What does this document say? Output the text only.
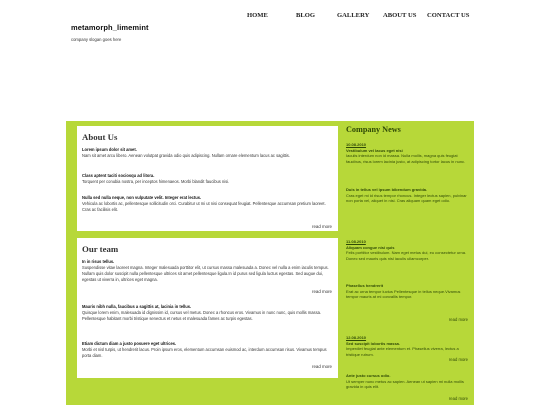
metamorph_limemint
company slogan goes here
HOME	BLOG	GALLERY ABOUT US CONTACT US
About Us
Lorem ipsum dolor sit amet.
Nam sit amet arcu libero. Aenean volutpat gravida odio quis adipiscing. Nullam ornare elementum lacus ac sagittis.
Class aptent taciti sociosqu ad litora.
Torquent per conubia nostra, per inceptos himenaeos. Morbi blandit faucibus nisi.
Nulla sed nulla neque, non vulputate velit. Integer erat lectus.
Vehicula ac lobortis ac, pellentesque sollicitudin orci. Curabitur ut mi ut nisi consequat feugiat. Pellentesque accumsan pretium laoreet. Cras ac facilisis elit.
read more
Our team
In in risus tellus.
Suspendisse vitae laoreet magna. Integer malesuada porttitor elit, ut cursus massa malesuada a. Donec vel nulla a enim iaculis tempus. Nullam quis dolor suscipit nulla pellentesque ultrices sit amet pellentesque ligula.In id purus sed ligula luctus egestas. Sed augue dui, egestas ut viverra in, ultrices eget magna.
read more
Mauris nibh nulla, faucibus a sagittis at, lacinia in tellus.
Quisque lorem enim, malesuada id dignissim id, cursus vel metus. Donec a rhoncus eros. Vivamus in nunc nunc, quis mollis massa. Pellentesque habitant morbi tristique senectus et netus et malesuada fames ac turpis egestas.
Etiam dictum diam a justo posuere eget ultrices.
Morbi et nisl turpis, ut hendrerit lacus. Proin ipsum eros, elementum accumsan euismod ac, interdum accumsan risus. Vivamus tempus porta diam.
read more
Company News
10.08.2010
Vestibulum vel lacus eget nisi
Iaculis interdum non id massa. Nulla mollis, magna quis feugiat faucibus, risus lorem lacinia justo, at adipiscing tortor lacus in nunc.
Duis in tellus vel ipsum bibendum gravida.
Cras eget mi id risus tempor rhoncus. Integer lectus sapien, pulvinar non porta vel, aliquet in nisi. Cras aliquam quam eget odio.
11.08.2010
Aliquam congue nisi quis
Felis porttitor vestibulum. Nam eget metus dui, eu consectetur urna. Donec sed mauris quis nisl iaculis ullamcorper.
Phasellus hendrerit
Erat ac urna tempor luctus Pellentesque in tellus neque.Vivamus tempor mauris at mi convallis tempor.
read more
12.08.2010
Sed suscipit lobortis massa.
Imperdiet feugiat ante elementum et. Phasellus viverra, lectus a tristique rutrum.
read more
Ante justo cursus odio.
Ut semper nunc metus ac sapien. Aenean ut sapien mi nulla mollis gravida in quis elit.
read more
